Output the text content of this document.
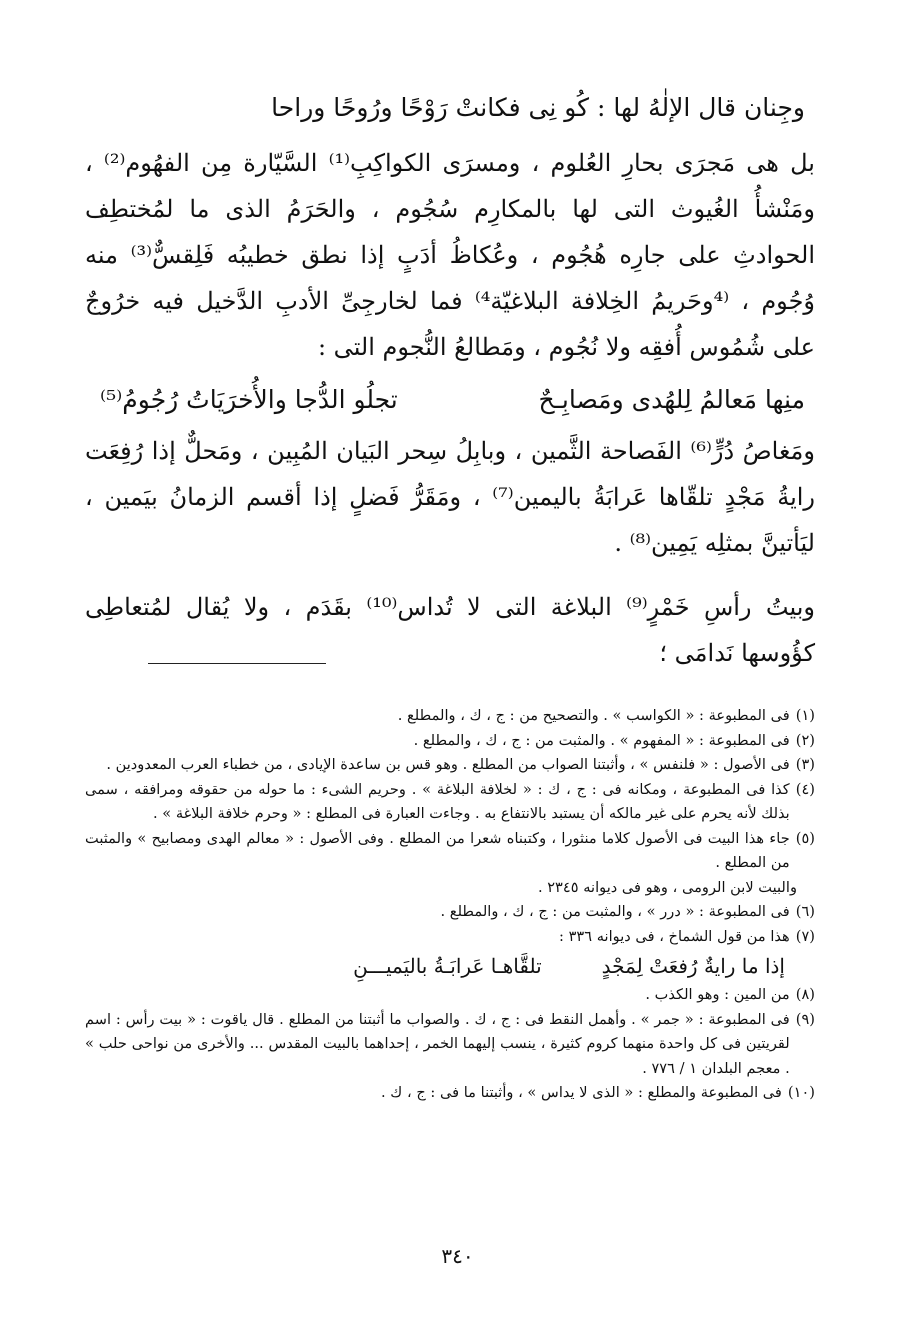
وجِنان قال الإلٰهُ لها : كُو نِى فكانتْ رَوْحًا ورُوحًا وراحا

بل هى مَجرَى بحارِ العُلوم ، ومسرَى الكواكِبِ⁽¹⁾ السَّيّارة مِن الفهُوم⁽²⁾ ، ومَنْشأُ الغُيوث التى لها بالمكارِم سُجُوم ، والحَرَمُ الذى ما لمُختطِف الحوادثِ على جارِه هُجُوم ، وعُكاظُ أدَبٍ إذا نطق خطيبُه فَلِقسٌّ⁽³⁾ منه وُجُوم ، ⁽⁴وحَريمُ الخِلافة البلاغيّة⁴⁾ فما لخارجِىِّ الأدبِ الدَّخيل فيه خرُوجٌ على شُمُوس أُفقِه ولا نُجُوم ، ومَطالعُ النُّجوم التى :

منِها مَعالمُ لِلهُدى ومَصابِـحٌ
تجلُو الدُّجا والأُخرَيَاتُ رُجُومُ⁽⁵⁾

ومَغاصُ دُرٍّ⁽⁶⁾ الفَصاحة الثَّمين ، وبابِلُ سِحر البَيان المُبِين ، ومَحلٌّ إذا رُفِعَت رايةُ مَجْدٍ تلقّاها عَرابَةُ باليمين⁽⁷⁾ ، ومَقَرُّ فَضلٍ إذا أقسم الزمانُ بيَمين ، ليَأتينَّ بمثلِه يَمِين⁽⁸⁾ .

وبيتُ رأسِ خَمْرٍ⁽⁹⁾ البلاغة التى لا تُداس⁽¹⁰⁾ بقَدَم ، ولا يُقال لمُتعاطِى كؤُوسها نَدامَى ؛

(١)
فى المطبوعة : « الكواسب » . والتصحيح من : ج ، ك ، والمطلع .
(٢)
فى المطبوعة : « المفهوم » . والمثبت من : ج ، ك ، والمطلع .
(٣)
فى الأصول : « فلنفس » ، وأثبتنا الصواب من المطلع . وهو قس بن ساعدة الإيادى ، من خطباء العرب المعدودين .
(٤)
كذا فى المطبوعة ، ومكانه فى : ج ، ك : « لخلافة البلاغة » . وحريم الشىء : ما حوله من حقوقه ومرافقه ، سمى بذلك لأنه يحرم على غير مالكه أن يستبد بالانتفاع به . وجاءت العبارة فى المطلع : « وحرم خلافة البلاغة » .
(٥)
جاء هذا البيت فى الأصول كلاما منثورا ، وكتبناه شعرا من المطلع . وفى الأصول : « معالم الهدى ومصابيح » والمثبت من المطلع .
والبيت لابن الرومى ، وهو فى ديوانه ٢٣٤٥ .
(٦)
فى المطبوعة : « درر » ، والمثبت من : ج ، ك ، والمطلع .
(٧)
هذا من قول الشماخ ، فى ديوانه ٣٣٦ :
إذا ما رايةٌ رُفعَتْ لِمَجْدٍ
تلقَّاهـا عَرابَـةُ باليَميـــنِ
(٨)
من المين : وهو الكذب .
(٩)
فى المطبوعة : « جمر » . وأهمل النقط فى : ج ، ك . والصواب ما أثبتنا من المطلع . قال ياقوت : « بيت رأس : اسم لقريتين فى كل واحدة منهما كروم كثيرة ، ينسب إليهما الخمر ، إحداهما بالبيت المقدس ... والأخرى من نواحى حلب » . معجم البلدان ١ / ٧٧٦ .
(١٠)
فى المطبوعة والمطلع : « الذى لا يداس » ، وأثبتنا ما فى : ج ، ك .
٣٤٠
